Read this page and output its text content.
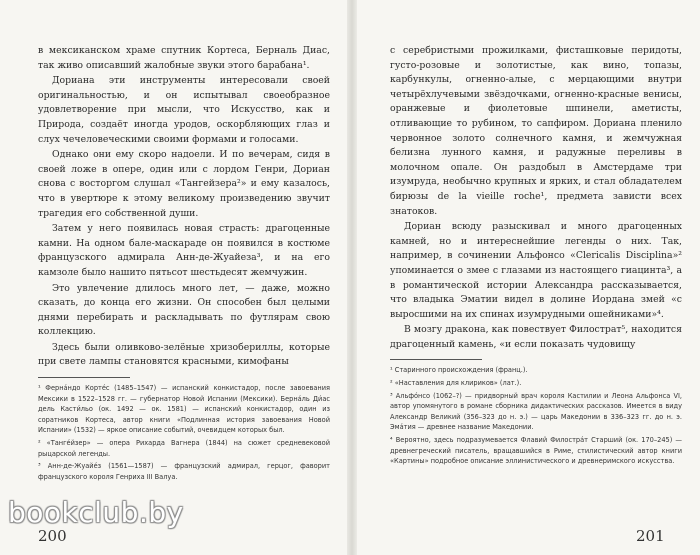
в мексиканском храме спутник Кортеса, Берналь Диас, так живо описавший жалобные звуки этого барабана¹.

Дориана эти инструменты интересовали своей оригинальностью, и он испытывал своеобразное удовлетворение при мысли, что Искусство, как и Природа, создаёт иногда уродов, оскорбляющих глаз и слух чечеловеческими своими формами и голосами.

Однако они ему скоро надоели. И по вечерам, сидя в своей ложе в опере, один или с лордом Генри, Дориан снова с восторгом слушал «Тангейзера²» и ему казалось, что в увертюре к этому великому произведению звучит трагедия его собственной души.

Затем у него появилась новая страсть: драгоценные камни. На одном бале-маскараде он появился в костюме французского адмирала Анн-де-Жуайеза³, и на его камзоле было нашито пятьсот шестьдесят жемчужин.

Это увлечение длилось много лет, — даже, можно сказать, до конца его жизни. Он способен был целыми днями перебирать и раскладывать по футлярам свою коллекцию.

Здесь были оливково-зелёные хризобериллы, которые при свете лампы становятся красными, кимофаны

¹ Ферна́ндо Корте́с (1485–1547) — испанский конкистадор, после завоевания Мексики в 1522–1528 гг. — губернатор Новой Испании (Мексики). Берна́ль Ди́ас дель Касти́льо (ок. 1492 — ок. 1581) — испанский конкистадор, один из соратников Кортеса, автор книги «Подлинная история завоевания Новой Испании» (1532) — яркое описание событий, очевидцем которых был.

² «Тангéйзер» — опера Рихарда Вагнера (1844) на сюжет средневековой рыцарской легенды.

³ Анн-де-Жуайéз (1561—1587) — французский адмирал, герцог, фаворит французского короля Генриха III Валуа.

с серебристыми прожилками, фисташковые перидоты, густо-розовые и золотистые, как вино, топазы, карбункулы, огненно-алые, с мерцающими внутри четырёхлучевыми звёздочками, огненно-красные венисы, оранжевые и фиолетовые шпинели, аметисты, отливающие то рубином, то сапфиром. Дориана пленило червонное золото солнечного камня, и жемчужная белизна лунного камня, и радужные переливы в молочном опале. Он раздобыл в Амстердаме три изумруда, необычно крупных и ярких, и стал обладателем бирюзы de la vieille roche¹, предмета зависти всех знатоков.

Дориан всюду разыскивал и много драгоценных камней, но и интереснейшие легенды о них. Так, например, в сочинении Альфонсо «Clericalis Disciplina»² упоминается о змее с глазами из настоящего гиацинта³, а в романтической истории Александра рассказывается, что владыка Эматии видел в долине Иордана змей «с выросшими на их спинах изумрудными ошейниками»⁴.

В мозгу дракона, как повествует Филострат⁵, находится драгоценный камень, «и если показать чудовищу

¹ Старинного происхождения (франц.).

² «Наставления для клириков» (лат.).

³ Альфо́нсо (1062–?) — придворный врач короля Кастилии и Леона Альфонса VI, автор упомянутого в романе сборника дидактических рассказов. Имеется в виду Александр Великий (356–323 до н. э.) — царь Македонии в 336–323 гг. до н. э. Эма́тия — древнее название Македонии.

⁴ Вероятно, здесь подразумевается Флавий Филостра́т Старший (ок. 170–245) — древнегреческий писатель, вращавшийся в Риме, стилистический автор книги «Картины» подробное описание эллинистического и древнеримского искусства.

200	201
bookclub.by
